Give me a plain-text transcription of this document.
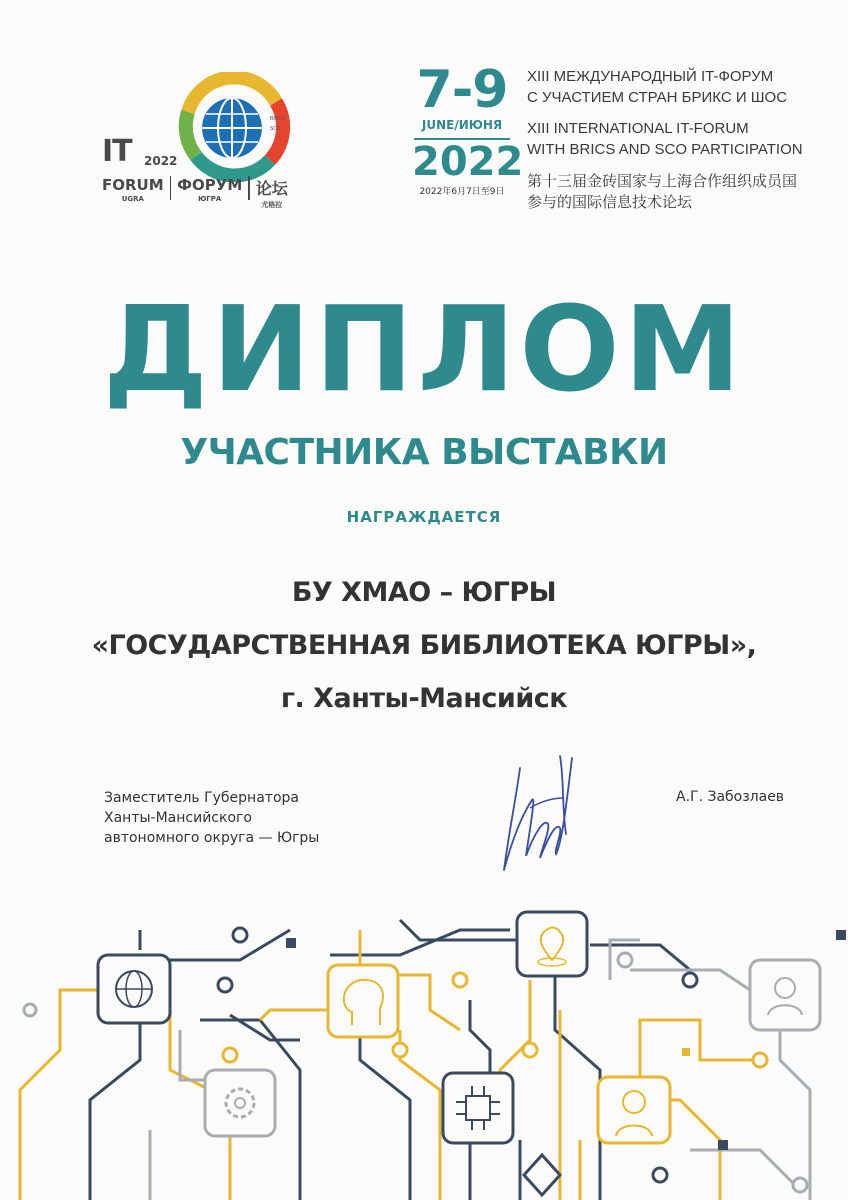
BRICS
SCO
IT 2022
FORUM
UGRA
ФОРУМ
ЮГРА
论坛
尤格拉
7-9
JUNE/ИЮНЯ
2022
2022年6月7日至9日
XIII МЕЖДУНАРОДНЫЙ IT-ФОРУМ
С УЧАСТИЕМ СТРАН БРИКС И ШОС
XIII INTERNATIONAL IT-FORUM
WITH BRICS AND SCO PARTICIPATION
第十三届金砖国家与上海合作组织成员国
参与的国际信息技术论坛
ДИПЛОМ
УЧАСТНИКА ВЫСТАВКИ
НАГРАЖДАЕТСЯ
БУ ХМАО – ЮГРЫ
«ГОСУДАРСТВЕННАЯ БИБЛИОТЕКА ЮГРЫ»,
г. Ханты-Мансийск
Заместитель Губернатора
Ханты-Мансийского
автономного округа — Югры
А.Г. Забозлаев
